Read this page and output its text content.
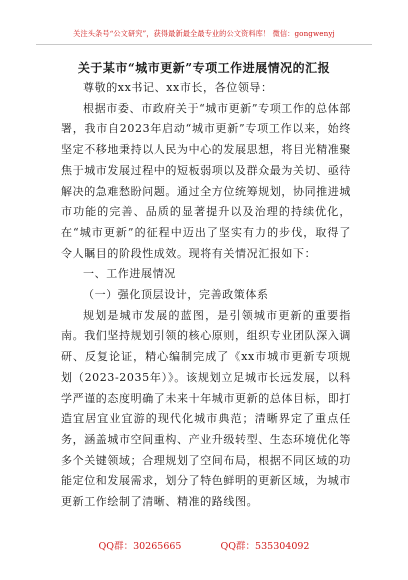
关注头条号“公文研究”，获得最新最全最专业的公文资料库！ 微信：gongwenyj
关于某市“城市更新”专项工作进展情况的汇报

尊敬的xx书记、xx市长，各位领导：

根据市委、市政府关于“城市更新”专项工作的总体部署，我市自2023年启动“城市更新”专项工作以来，始终坚定不移地秉持以人民为中心的发展思想，将目光精准聚焦于城市发展过程中的短板弱项以及群众最为关切、亟待解决的急难愁盼问题。通过全方位统筹规划，协同推进城市功能的完善、品质的显著提升以及治理的持续优化，在“城市更新”的征程中迈出了坚实有力的步伐，取得了令人瞩目的阶段性成效。现将有关情况汇报如下：

一、工作进展情况

（一）强化顶层设计，完善政策体系

规划是城市发展的蓝图，是引领城市更新的重要指南。我们坚持规划引领的核心原则，组织专业团队深入调研、反复论证，精心编制完成了《xx市城市更新专项规划（2023-2035年）》。该规划立足城市长远发展，以科学严谨的态度明确了未来十年城市更新的总体目标，即打造宜居宜业宜游的现代化城市典范；清晰界定了重点任务，涵盖城市空间重构、产业升级转型、生态环境优化等多个关键领域；合理规划了空间布局，根据不同区域的功能定位和发展需求，划分了特色鲜明的更新区域，为城市更新工作绘制了清晰、精准的路线图。

QQ群：30265665	QQ群：535304092
